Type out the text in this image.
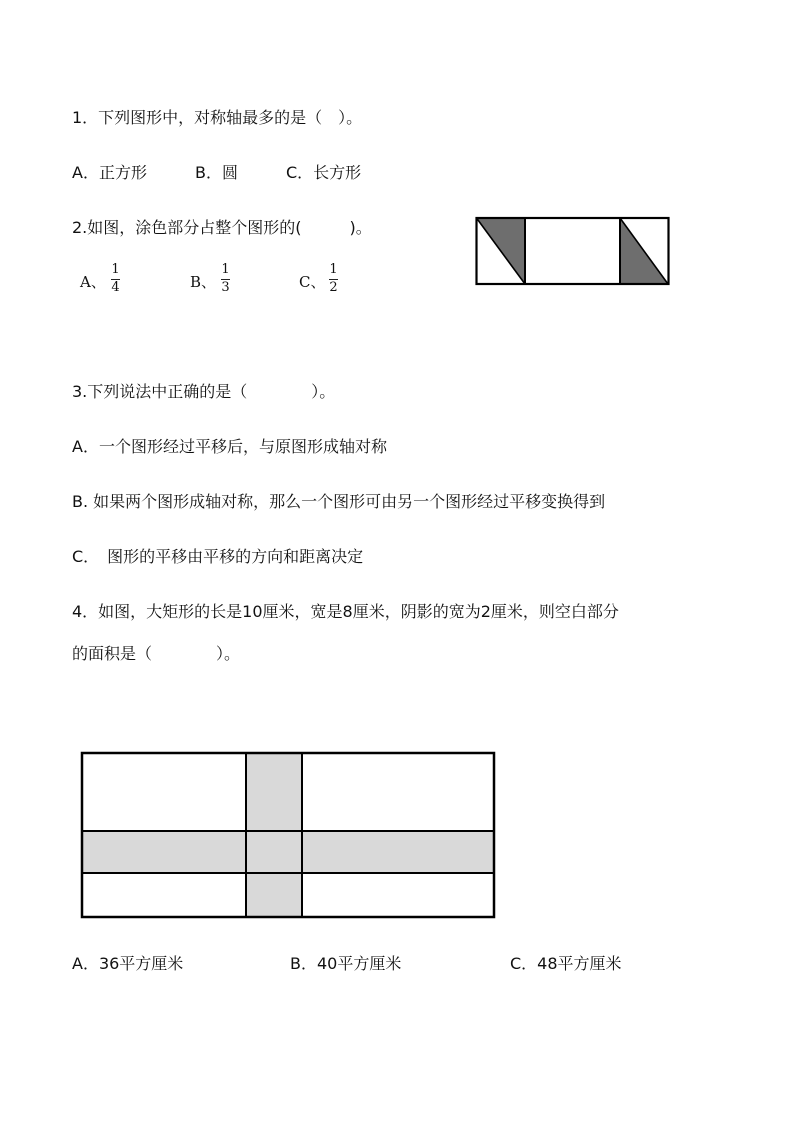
1．下列图形中，对称轴最多的是（　）。
A．正方形	B．圆	C．长方形
2.如图，涂色部分占整个图形的(　　　)。
A、
1
4	B、
1
3	C、
1
2
3.下列说法中正确的是（　　　　）。
A．一个图形经过平移后，与原图形成轴对称
B. 如果两个图形成轴对称，那么一个图形可由另一个图形经过平移变换得到
C．　图形的平移由平移的方向和距离决定
4．如图，大矩形的长是10厘米，宽是8厘米，阴影的宽为2厘米，则空白部分
的面积是（　　　　）。
A．36平方厘米	B．40平方厘米	C．48平方厘米
